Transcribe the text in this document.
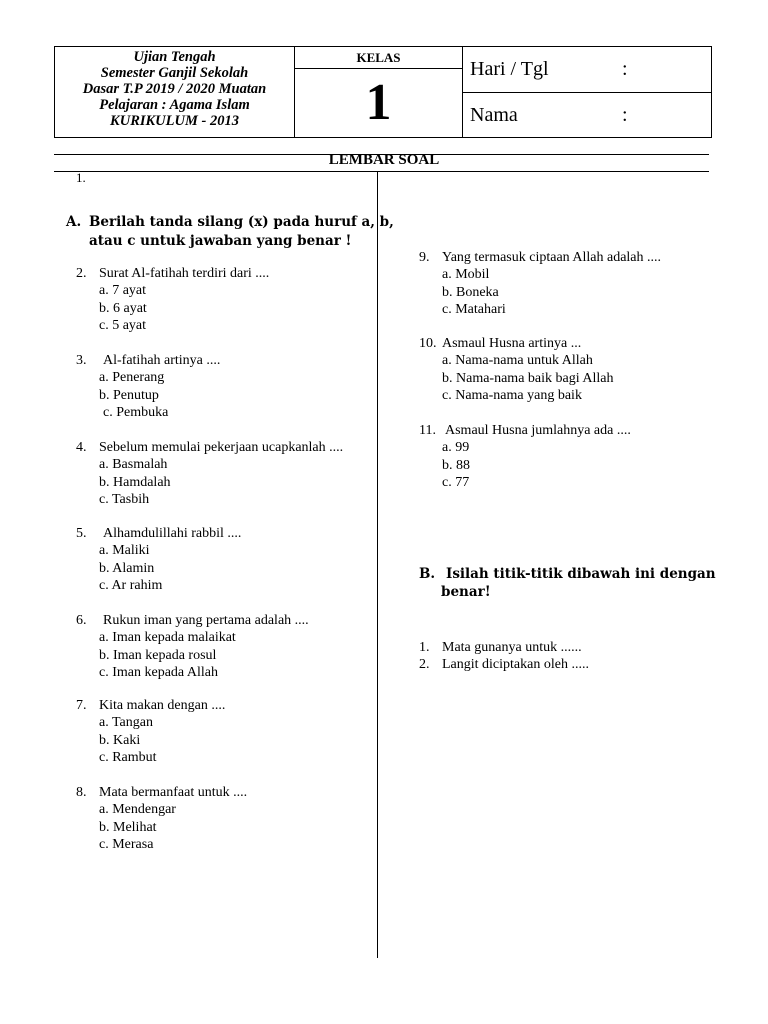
Ujian Tengah
Semester Ganjil Sekolah
Dasar T.P 2019 / 2020 Muatan
Pelajaran : Agama Islam
KURIKULUM - 2013
KELAS
1
Hari / Tgl	:
Nama	:
LEMBAR SOAL
1.
A. Berilah tanda silang (x) pada huruf a, b,
atau c untuk jawaban yang benar !
2. Surat Al-fatihah terdiri dari ....
a. 7 ayat
b. 6 ayat
c. 5 ayat
3. Al-fatihah artinya ....
a. Penerang
b. Penutup
c. Pembuka
4. Sebelum memulai pekerjaan ucapkanlah ....
a. Basmalah
b. Hamdalah
c. Tasbih
5. Alhamdulillahi rabbil ....
a. Maliki
b. Alamin
c. Ar rahim
6. Rukun iman yang pertama adalah ....
a. Iman kepada malaikat
b. Iman kepada rosul
c. Iman kepada Allah
7. Kita makan dengan ....
a. Tangan
b. Kaki
c. Rambut
8. Mata bermanfaat untuk ....
a. Mendengar
b. Melihat
c. Merasa
9. Yang termasuk ciptaan Allah adalah ....
a. Mobil
b. Boneka
c. Matahari
10. Asmaul Husna artinya ...
a. Nama-nama untuk Allah
b. Nama-nama baik bagi Allah
c. Nama-nama yang baik
11. Asmaul Husna jumlahnya ada ....
a. 99
b. 88
c. 77
B. Isilah titik-titik dibawah ini dengan
benar!
1. Mata gunanya untuk ......
2. Langit diciptakan oleh .....
